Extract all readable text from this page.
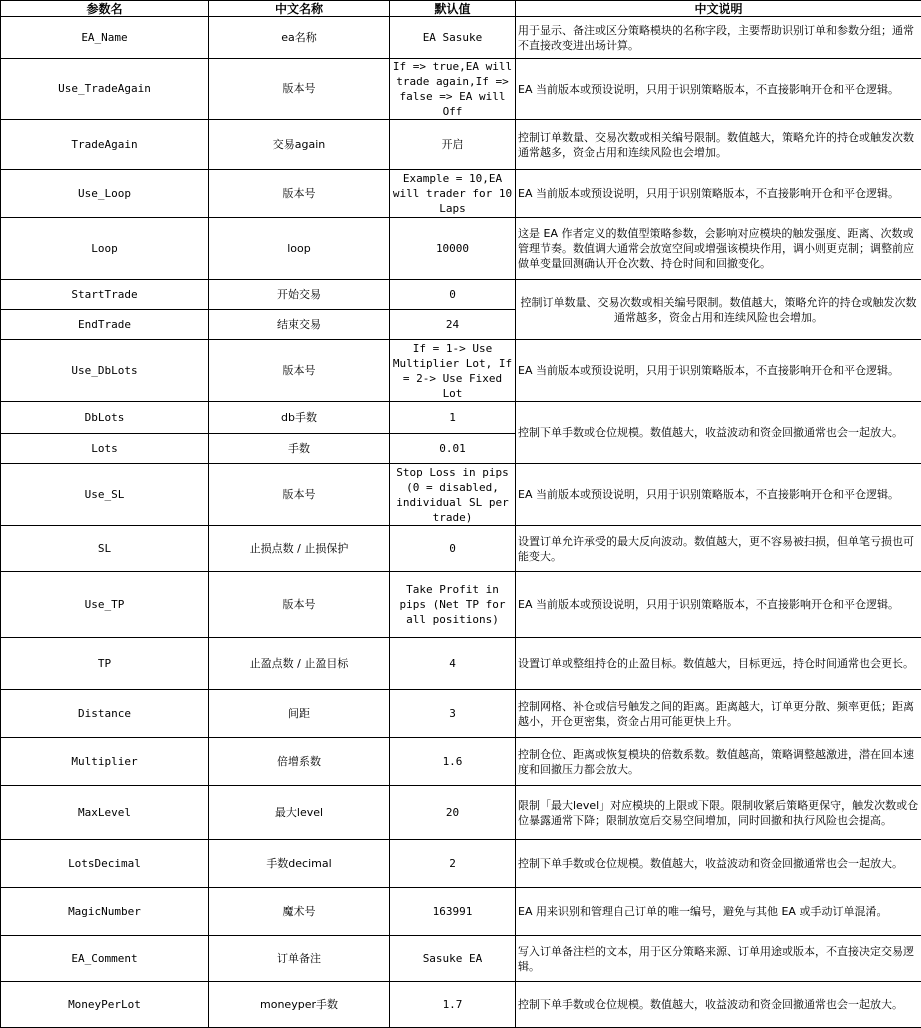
参数名	中文名称	默认值	中文说明
EA_Name	ea名称	EA Sasuke	用于显示、备注或区分策略模块的名称字段，主要帮助识别订单和参数分组；通常不直接改变进出场计算。
Use_TradeAgain	版本号	If => true,EA will trade again,If => false => EA will Off	EA 当前版本或预设说明，只用于识别策略版本，不直接影响开仓和平仓逻辑。
TradeAgain	交易again	开启	控制订单数量、交易次数或相关编号限制。数值越大，策略允许的持仓或触发次数通常越多，资金占用和连续风险也会增加。
Use_Loop	版本号	Example = 10,EA will trader for 10 Laps	EA 当前版本或预设说明，只用于识别策略版本，不直接影响开仓和平仓逻辑。
Loop	loop	10000	这是 EA 作者定义的数值型策略参数，会影响对应模块的触发强度、距离、次数或管理节奏。数值调大通常会放宽空间或增强该模块作用，调小则更克制；调整前应做单变量回测确认开仓次数、持仓时间和回撤变化。
StartTrade	开始交易	0	控制订单数量、交易次数或相关编号限制。数值越大，策略允许的持仓或触发次数通常越多，资金占用和连续风险也会增加。
EndTrade	结束交易	24	
Use_DbLots	版本号	If = 1-> Use Multiplier Lot, If = 2-> Use Fixed Lot	EA 当前版本或预设说明，只用于识别策略版本，不直接影响开仓和平仓逻辑。
DbLots	db手数	1	控制下单手数或仓位规模。数值越大，收益波动和资金回撤通常也会一起放大。
Lots	手数	0.01	
Use_SL	版本号	Stop Loss in pips (0 = disabled, individual SL per trade)	EA 当前版本或预设说明，只用于识别策略版本，不直接影响开仓和平仓逻辑。
SL	止损点数 / 止损保护	0	设置订单允许承受的最大反向波动。数值越大，更不容易被扫损，但单笔亏损也可能变大。
Use_TP	版本号	Take Profit in pips (Net TP for all positions)	EA 当前版本或预设说明，只用于识别策略版本，不直接影响开仓和平仓逻辑。
TP	止盈点数 / 止盈目标	4	设置订单或整组持仓的止盈目标。数值越大，目标更远，持仓时间通常也会更长。
Distance	间距	3	控制网格、补仓或信号触发之间的距离。距离越大，订单更分散、频率更低；距离越小，开仓更密集，资金占用可能更快上升。
Multiplier	倍增系数	1.6	控制仓位、距离或恢复模块的倍数系数。数值越高，策略调整越激进，潜在回本速度和回撤压力都会放大。
MaxLevel	最大level	20	限制「最大level」对应模块的上限或下限。限制收紧后策略更保守，触发次数或仓位暴露通常下降；限制放宽后交易空间增加，同时回撤和执行风险也会提高。
LotsDecimal	手数decimal	2	控制下单手数或仓位规模。数值越大，收益波动和资金回撤通常也会一起放大。
MagicNumber	魔术号	163991	EA 用来识别和管理自己订单的唯一编号，避免与其他 EA 或手动订单混淆。
EA_Comment	订单备注	Sasuke EA	写入订单备注栏的文本，用于区分策略来源、订单用途或版本，不直接决定交易逻辑。
MoneyPerLot	moneyper手数	1.7	控制下单手数或仓位规模。数值越大，收益波动和资金回撤通常也会一起放大。
